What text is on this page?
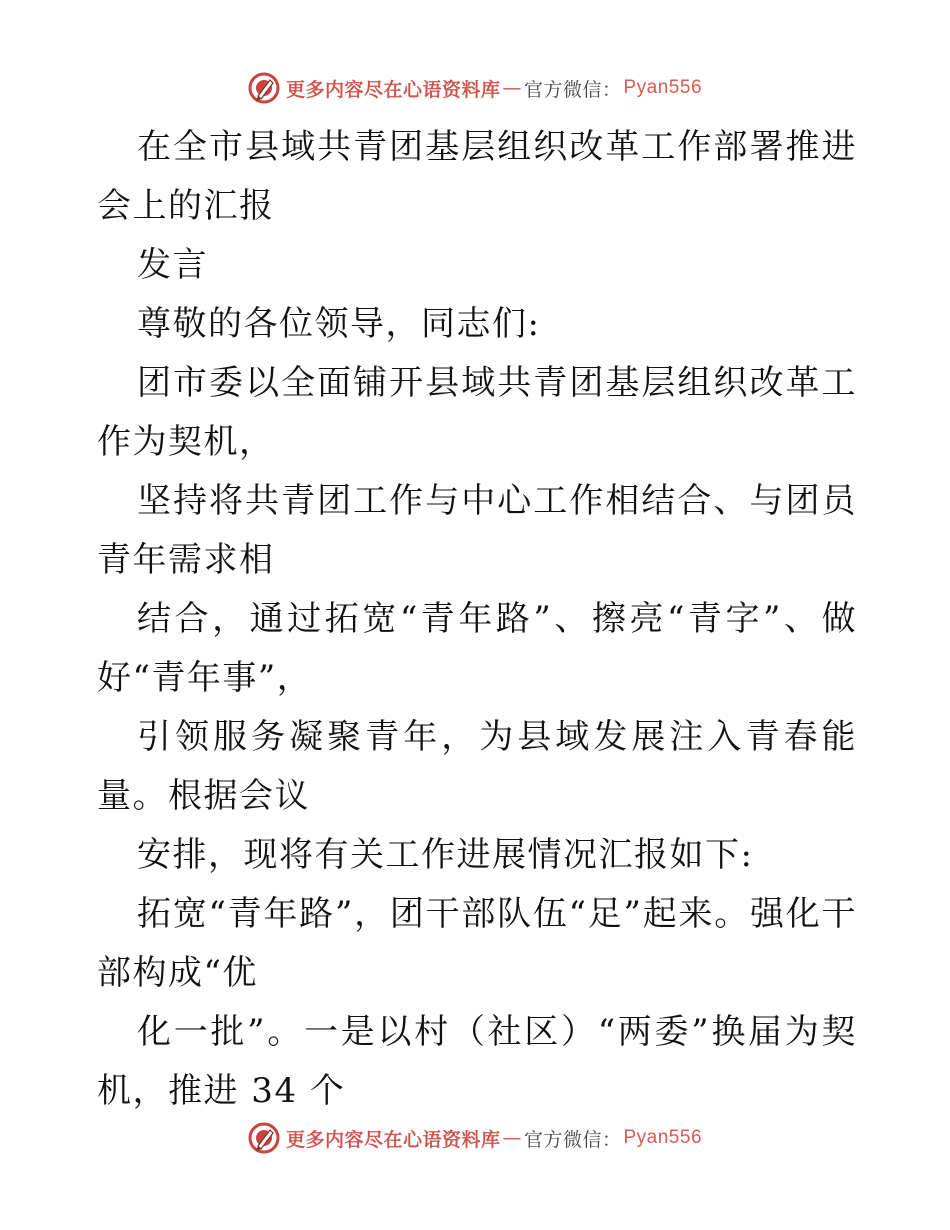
更多内容尽在心语资料库 — 官方微信： Pyan556

在全市县域共青团基层组织改革工作部署推进会上的汇报

发言

尊敬的各位领导，同志们:

团市委以全面铺开县域共青团基层组织改革工作为契机，

坚持将共青团工作与中心工作相结合、与团员青年需求相

结合，通过拓宽“青年路”、擦亮“青字”、做好“青年事”，

引领服务凝聚青年，为县域发展注入青春能量。根据会议

安排，现将有关工作进展情况汇报如下:

拓宽“青年路”，团干部队伍“足”起来。强化干部构成“优

化一批”。一是以村（社区）“两委”换届为契机，推进 34 个

更多内容尽在心语资料库 — 官方微信： Pyan556
